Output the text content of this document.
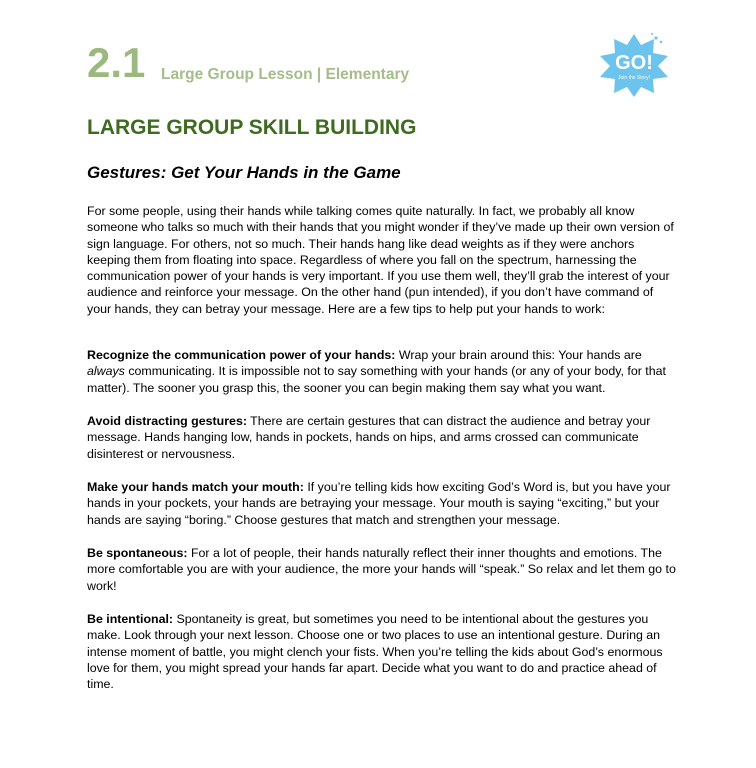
2.1 Large Group Lesson | Elementary
GO!
Join the Story!
LARGE GROUP SKILL BUILDING
Gestures: Get Your Hands in the Game

For some people, using their hands while talking comes quite naturally. In fact, we probably all know someone who talks so much with their hands that you might wonder if they’ve made up their own version of sign language. For others, not so much. Their hands hang like dead weights as if they were anchors keeping them from floating into space. Regardless of where you fall on the spectrum, harnessing the communication power of your hands is very important. If you use them well, they’ll grab the interest of your audience and reinforce your message. On the other hand (pun intended), if you don’t have command of your hands, they can betray your message. Here are a few tips to help put your hands to work:

Recognize the communication power of your hands: Wrap your brain around this: Your hands are always communicating. It is impossible not to say something with your hands (or any of your body, for that matter). The sooner you grasp this, the sooner you can begin making them say what you want.

Avoid distracting gestures: There are certain gestures that can distract the audience and betray your message. Hands hanging low, hands in pockets, hands on hips, and arms crossed can communicate disinterest or nervousness.

Make your hands match your mouth: If you’re telling kids how exciting God’s Word is, but you have your hands in your pockets, your hands are betraying your message. Your mouth is saying “exciting,” but your hands are saying “boring.” Choose gestures that match and strengthen your message.

Be spontaneous: For a lot of people, their hands naturally reflect their inner thoughts and emotions. The more comfortable you are with your audience, the more your hands will “speak.” So relax and let them go to work!

Be intentional: Spontaneity is great, but sometimes you need to be intentional about the gestures you make. Look through your next lesson. Choose one or two places to use an intentional gesture. During an intense moment of battle, you might clench your fists. When you’re telling the kids about God’s enormous love for them, you might spread your hands far apart. Decide what you want to do and practice ahead of time.
